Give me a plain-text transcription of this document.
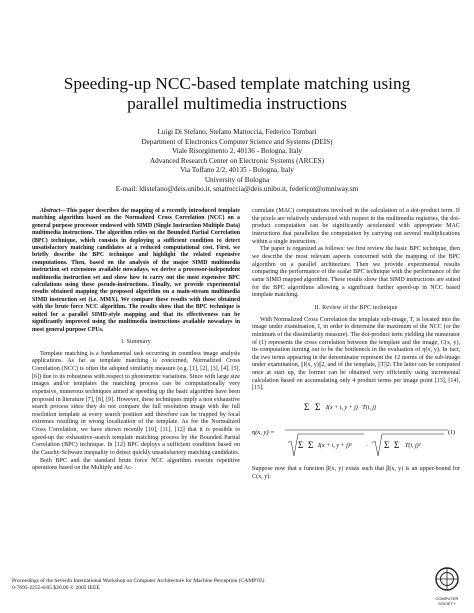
Speeding-up NCC-based template matching using
parallel multimedia instructions
Luigi Di Stefano, Stefano Mattoccia, Federico Tombari
Department of Electronics Computer Science and Systems (DEIS)
Viale Risorgimento 2, 40136 - Bologna, Italy
Advanced Research Center on Electronic Systems (ARCES)
Via Toffano 2/2, 40135 - Bologna, Italy
University of Bologna
E-mail: ldistefano@deis.unibo.it, smattoccia@deis.unibo.it, federicot@omniway.sm

Abstract—This paper describes the mapping of a recently introduced template matching algorithm based on the Normalized Cross Correlation (NCC) on a general purpose processor endowed with SIMD (Single Instruction Multiple Data) multimedia instructions. The algorithm relies on the Bounded Partial Correlation (BPC) technique, which consists in deploying a sufficient condition to detect unsatisfactory matching candidates at a reduced computational cost. First, we briefly describe the BPC technique and highlight the related expensive computations. Then, based on the analysis of the major SIMD multimedia instruction set extensions available nowadays, we derive a processor-independent multimedia instruction set and show how to carry out the most expensive BPC calculations using these pseudo-instructions. Finally, we provide experimental results obtained mapping the proposed algorithm on a main-stream multimedia SIMD instruction set (i.e. MMX). We compare these results with those obtained with the brute force NCC algorithm. The results show that the BPC technique is suited for a parallel SIMD-style mapping and that its effectiveness can be significantly improved using the multimedia instructions available nowadays in most general purpose CPUs.

I. Summary

Template matching is a fundamental task occurring in countless image analysis applications. As far as template matching is concerned, Normalized Cross Correlation (NCC) is often the adopted similarity measure (e.g. [1], [2], [3], [4], [5], [6]) due to its robustness with respect to photometric variations. Since with large size images and/or templates the matching process can be computationally very expensive, numerous techniques aimed at speeding up the basic algorithm have been proposed in literature [7], [8], [9]. However, these techniques imply a non exhaustive search process since they do not compare the full resolution image with the full resolution template at every search position and therefore can be trapped by local extremes resulting in wrong localization of the template. As for the Normalized Cross Correlation, we have shown recently [10], [11], [12] that it is possible to speed-up the exhaustive-search template matching process by the Bounded Partial Correlation (BPC) technique. In [12] BPC deploys a sufficient condition based on the Cauchy-Schwarz inequality to detect quickly unsatisfactory matching candidates.

Both BPC and the standard brute force NCC algorithm execute repetitive operations based on the Multiply and Ac-

cumulate (MAC) computations involved in the calculation of a dot-product term. If the pixels are relatively undersized with respect to the multimedia registries, the dot-product computation can be significantly accelerated with appropriate MAC instructions that parallelize the computation by carrying out several multiplications within a single instruction.

The paper is organized as follows: we first review the basic BPC technique, then we describe the most relevant aspects concerned with the mapping of the BPC algorithm on a parallel architecture. Then we provide experimental results comparing the performance of the scalar BPC technique with the performance of the same SIMD mapped algorithm. These results show that SIMD instructions are suited for the BPC algorithms allowing a significant further speed-up in NCC based template matching.

II. Review of the BPC technique

With Normalized Cross Correlation the template sub-image, T, is located into the image under examination, I, in order to determine the maximum of the NCC (or the minimum of the dissimilarity measure). The dot-product term yielding the numerator of (1) represents the cross correlation between the template and the image, C(x, y), its computation turning out to be the bottleneck in the evaluation of η(x, y). In fact, the two terms appearing in the denominator represent the ℓ2 norms of the sub-image under examination, ||I(x, y)||2, and of the template, ||T||2. The latter can be computed once at start up, the former can be obtained very efficiently using incremental calculation based on accumulating only 4 product terms per image point [13], [14], [15].

η(x, y) =
Σ Σ I(x + i, y + j) · T(i, j)
Σ Σ I(x + i, y + j)² · Σ Σ T(i, j)²
(1)

Suppose now that a function β(x, y) exists such that β(x, y) is an upper-bound for C(x, y):

Proceedings of the Seventh International Workshop on Computer Architecture for Machine Perception (CAMP'05)
0-7695-2255-6/05 $20.00 © 2005 IEEE
COMPUTER
SOCIETY
